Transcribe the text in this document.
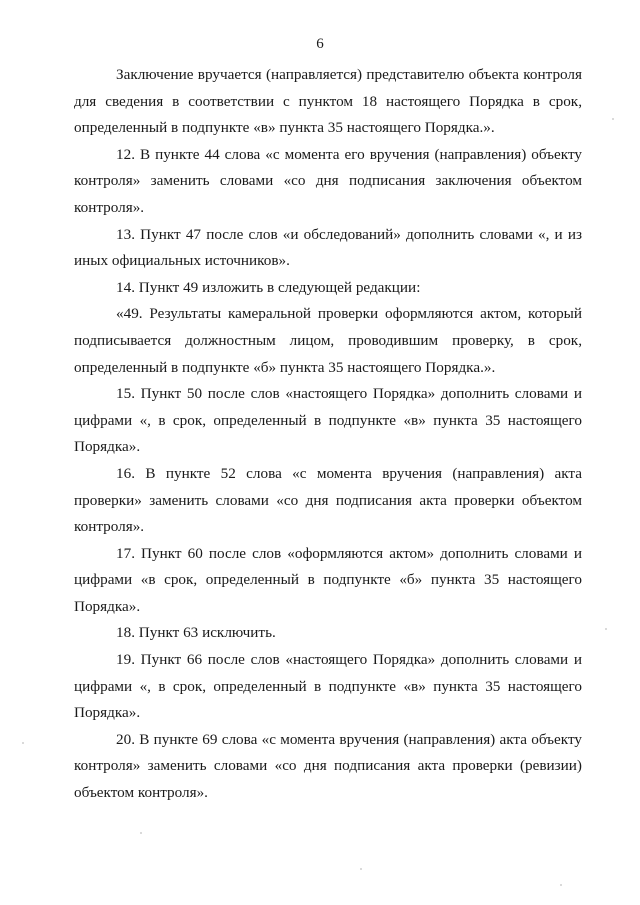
6

Заключение вручается (направляется) представителю объекта контроля для сведения в соответствии с пунктом 18 настоящего Порядка в срок, определенный в подпункте «в» пункта 35 настоящего Порядка.».

12. В пункте 44 слова «с момента его вручения (направления) объекту контроля» заменить словами «со дня подписания заключения объектом контроля».

13. Пункт 47 после слов «и обследований» дополнить словами «, и из иных официальных источников».

14. Пункт 49 изложить в следующей редакции:

«49. Результаты камеральной проверки оформляются актом, который подписывается должностным лицом, проводившим проверку, в срок, определенный в подпункте «б» пункта 35 настоящего Порядка.».

15. Пункт 50 после слов «настоящего Порядка» дополнить словами и цифрами «, в срок, определенный в подпункте «в» пункта 35 настоящего Порядка».

16. В пункте 52 слова «с момента вручения (направления) акта проверки» заменить словами «со дня подписания акта проверки объектом контроля».

17. Пункт 60 после слов «оформляются актом» дополнить словами и цифрами «в срок, определенный в подпункте «б» пункта 35 настоящего Порядка».

18. Пункт 63 исключить.

19. Пункт 66 после слов «настоящего Порядка» дополнить словами и цифрами «, в срок, определенный в подпункте «в» пункта 35 настоящего Порядка».

20. В пункте 69 слова «с момента вручения (направления) акта объекту контроля» заменить словами «со дня подписания акта проверки (ревизии) объектом контроля».
